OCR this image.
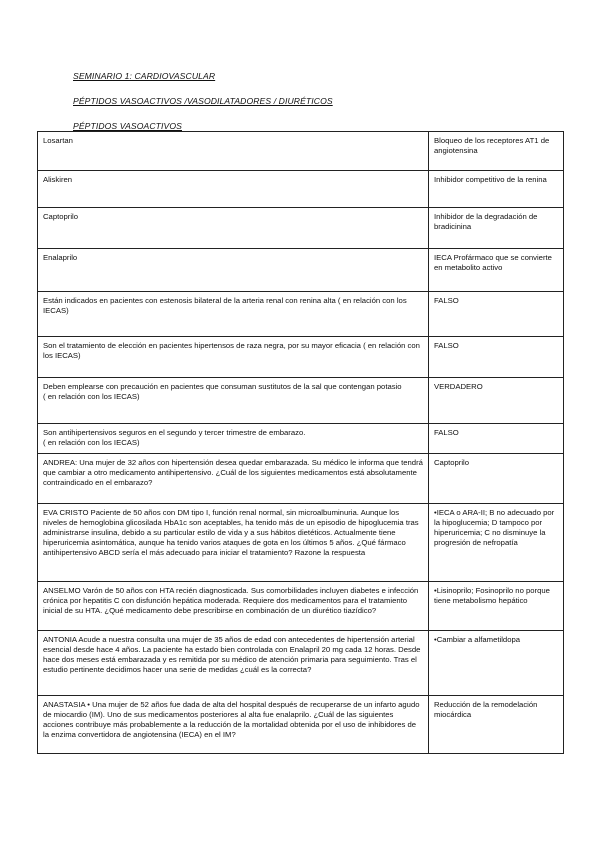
SEMINARIO 1: CARDIOVASCULAR
PÉPTIDOS VASOACTIVOS /VASODILATADORES / DIURÉTICOS
PÉPTIDOS VASOACTIVOS
Losartan	Bloqueo de los receptores AT1 de angiotensina

Aliskiren	Inhibidor competitivo de la renina

Captoprilo	Inhibidor de la degradación de bradicinina

Enalaprilo	IECA Profármaco que se convierte en metabolito activo

Están indicados en pacientes con estenosis bilateral de la arteria renal con renina alta ( en relación con los IECAS)	FALSO

Son el tratamiento de elección en pacientes hipertensos de raza negra, por su mayor eficacia ( en relación con los IECAS)	FALSO

Deben emplearse con precaución en pacientes que consuman sustitutos de la sal que contengan potasio
( en relación con los IECAS)	VERDADERO

Son antihipertensivos seguros en el segundo y tercer trimestre de embarazo.
( en relación con los IECAS)	FALSO

ANDREA: Una mujer de 32 años con hipertensión desea quedar embarazada. Su médico le informa que tendrá que cambiar a otro medicamento antihipertensivo. ¿Cuál de los siguientes medicamentos está absolutamente contraindicado en el embarazo?	Captoprilo

EVA CRISTO Paciente de 50 años con DM tipo I, función renal normal, sin microalbuminuria. Aunque los niveles de hemoglobina glicosilada HbA1c son aceptables, ha tenido más de un episodio de hipoglucemia tras administrarse insulina, debido a su particular estilo de vida y a sus hábitos dietéticos. Actualmente tiene hiperuricemia asintomática, aunque ha tenido varios ataques de gota en los últimos 5 años. ¿Qué fármaco antihipertensivo ABCD sería el más adecuado para iniciar el tratamiento? Razone la respuesta	•IECA o ARA-II; B no adecuado por la hipoglucemia; D tampoco por hiperuricemia; C no disminuye la progresión de nefropatía

ANSELMO Varón de 50 años con HTA recién diagnosticada. Sus comorbilidades incluyen diabetes e infección crónica por hepatitis C con disfunción hepática moderada. Requiere dos medicamentos para el tratamiento inicial de su HTA. ¿Qué medicamento debe prescribirse en combinación de un diurético tiazídico?	•Lisinoprilo; Fosinoprilo no porque tiene metabolismo hepático

ANTONIA Acude a nuestra consulta una mujer de 35 años de edad con antecedentes de hipertensión arterial esencial desde hace 4 años. La paciente ha estado bien controlada con Enalapril 20 mg cada 12 horas. Desde hace dos meses está embarazada y es remitida por su médico de atención primaria para seguimiento. Tras el estudio pertinente decidimos hacer una serie de medidas ¿cuál es la correcta?	•Cambiar a alfametildopa

ANASTASIA • Una mujer de 52 años fue dada de alta del hospital después de recuperarse de un infarto agudo de miocardio (IM). Uno de sus medicamentos posteriores al alta fue enalaprilo. ¿Cuál de las siguientes acciones contribuye más probablemente a la reducción de la mortalidad obtenida por el uso de inhibidores de la enzima convertidora de angiotensina (IECA) en el IM?	Reducción de la remodelación miocárdica
